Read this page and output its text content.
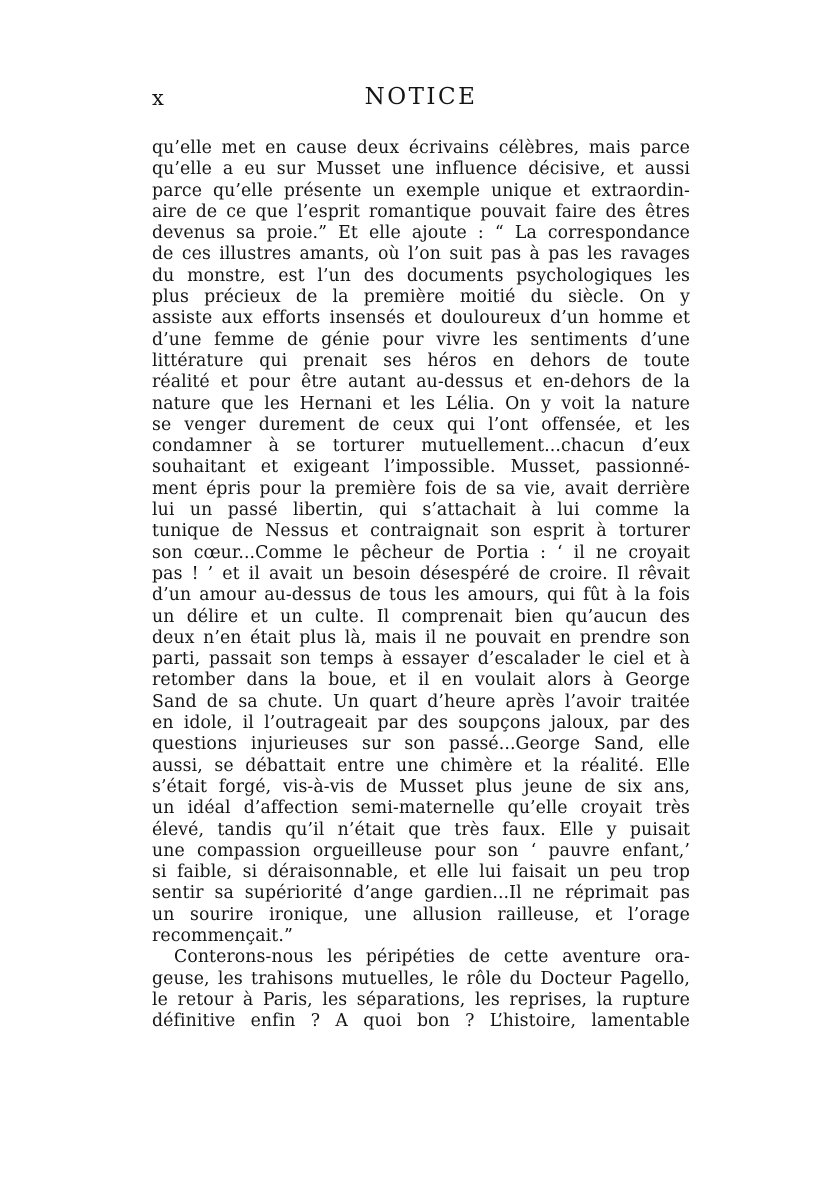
x	NOTICE
qu’elle met en cause deux écrivains célèbres, mais parce
qu’elle a eu sur Musset une influence décisive, et aussi
parce qu’elle présente un exemple unique et extraordin-
aire de ce que l’esprit romantique pouvait faire des êtres
devenus sa proie.” Et elle ajoute : “ La correspondance
de ces illustres amants, où l’on suit pas à pas les ravages
du monstre, est l’un des documents psychologiques les
plus précieux de la première moitié du siècle. On y
assiste aux efforts insensés et douloureux d’un homme et
d’une femme de génie pour vivre les sentiments d’une
littérature qui prenait ses héros en dehors de toute
réalité et pour être autant au-dessus et en-dehors de la
nature que les Hernani et les Lélia. On y voit la nature
se venger durement de ceux qui l’ont offensée, et les
condamner à se torturer mutuellement...chacun d’eux
souhaitant et exigeant l’impossible. Musset, passionné-
ment épris pour la première fois de sa vie, avait derrière
lui un passé libertin, qui s’attachait à lui comme la
tunique de Nessus et contraignait son esprit à torturer
son cœur...Comme le pêcheur de Portia : ‘ il ne croyait
pas ! ’ et il avait un besoin désespéré de croire. Il rêvait
d’un amour au-dessus de tous les amours, qui fût à la fois
un délire et un culte. Il comprenait bien qu’aucun des
deux n’en était plus là, mais il ne pouvait en prendre son
parti, passait son temps à essayer d’escalader le ciel et à
retomber dans la boue, et il en voulait alors à George
Sand de sa chute. Un quart d’heure après l’avoir traitée
en idole, il l’outrageait par des soupçons jaloux, par des
questions injurieuses sur son passé...George Sand, elle
aussi, se débattait entre une chimère et la réalité. Elle
s’était forgé, vis-à-vis de Musset plus jeune de six ans,
un idéal d’affection semi-maternelle qu’elle croyait très
élevé, tandis qu’il n’était que très faux. Elle y puisait
une compassion orgueilleuse pour son ‘ pauvre enfant,’
si faible, si déraisonnable, et elle lui faisait un peu trop
sentir sa supériorité d’ange gardien...Il ne réprimait pas
un sourire ironique, une allusion railleuse, et l’orage
recommençait.”
Conterons-nous les péripéties de cette aventure ora-
geuse, les trahisons mutuelles, le rôle du Docteur Pagello,
le retour à Paris, les séparations, les reprises, la rupture
définitive enfin ? A quoi bon ? L’histoire, lamentable
